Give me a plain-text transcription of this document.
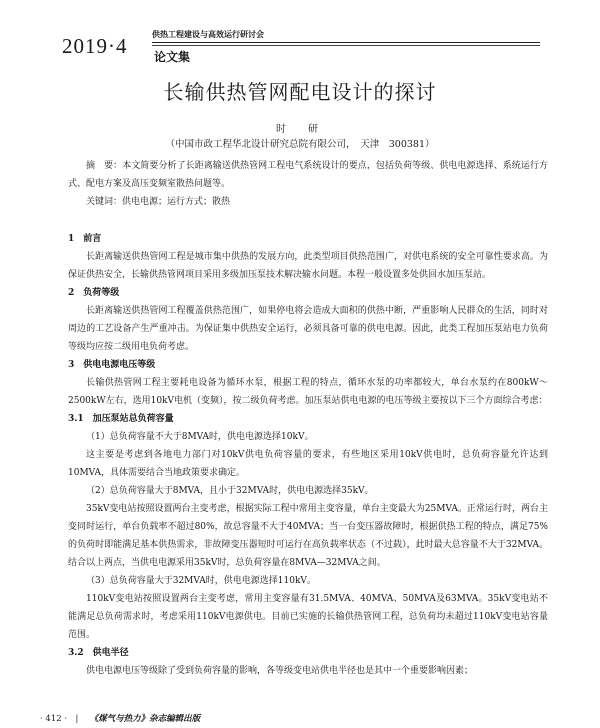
2019·4	供热工程建设与高效运行研讨会
论文集
长输供热管网配电设计的探讨
时　研
（中国市政工程华北设计研究总院有限公司，　天津　300381）

摘　要：本文简要分析了长距离输送供热管网工程电气系统设计的要点，包括负荷等级、供电电源选择、系统运行方式、配电方案及高压变频室散热问题等。

关键词：供电电源；运行方式；散热

1　前言

长距离输送供热管网工程是城市集中供热的发展方向，此类型项目供热范围广，对供电系统的安全可靠性要求高。为保证供热安全，长输供热管网项目采用多级加压泵技术解决输水问题。本程一般设置多处供回水加压泵站。

2　负荷等级

长距离输送供热管网工程覆盖供热范围广，如果停电将会造成大面积的供热中断，严重影响人民群众的生活，同时对周边的工艺设备产生严重冲击。为保证集中供热安全运行，必须具备可靠的供电电源。因此，此类工程加压泵站电力负荷等级均应按二级用电负荷考虑。

3　供电电源电压等级

长输供热管网工程主要耗电设备为循环水泵，根据工程的特点，循环水泵的功率都较大，单台水泵约在800kW～2500kW左右，选用10kV电机（变频），按二级负荷考虑。加压泵站供电电源的电压等级主要按以下三个方面综合考虑：

3.1　加压泵站总负荷容量

（1）总负荷容量不大于8MVA时，供电电源选择10kV。

这主要是考虑到各地电力部门对10kV供电负荷容量的要求，有些地区采用10kV供电时，总负荷容量允许达到10MVA，具体需要结合当地政策要求确定。

（2）总负荷容量大于8MVA，且小于32MVA时，供电电源选择35kV。

35kV变电站按照设置两台主变考虑，根据实际工程中常用主变容量，单台主变最大为25MVA。正常运行时，两台主变同时运行，单台负载率不超过80%，故总容量不大于40MVA；当一台变压器故障时，根据供热工程的特点，满足75%的负荷时即能满足基本供热需求，非故障变压器短时可运行在高负载率状态（不过载），此时最大总容量不大于32MVA。结合以上两点，当供电电源采用35kV时，总负荷容量在8MVA—32MVA之间。

（3）总负荷容量大于32MVA时，供电电源选择110kV。

110kV变电站按照设置两台主变考虑，常用主变容量有31.5MVA、40MVA、50MVA及63MVA。35kV变电站不能满足总负荷需求时，考虑采用110kV电源供电。目前已实施的长输供热管网工程，总负荷均未超过110kV变电站容量范围。

3.2　供电半径

供电电源电压等级除了受到负荷容量的影响，各等级变电站供电半径也是其中一个重要影响因素；

· 412 ·　|　 《煤气与热力》杂志编辑出版
